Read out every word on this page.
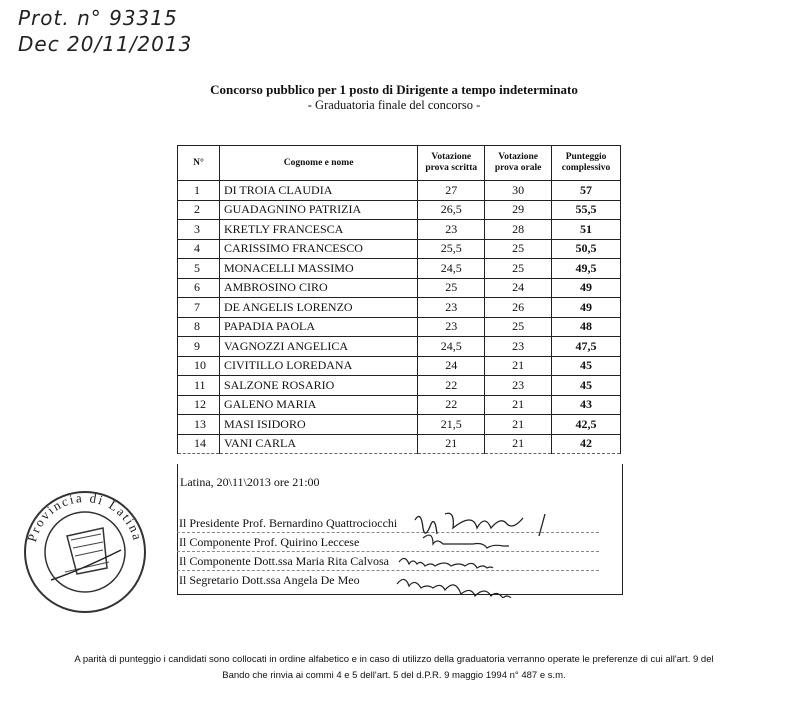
Prot. n° 93315
Dec 20/11/2013
Concorso pubblico per 1 posto di Dirigente a tempo indeterminato
- Graduatoria finale del concorso -
N°	Cognome e nome	Votazione prova scritta	Votazione prova orale	Punteggio complessivo
1	DI TROIA CLAUDIA	27	30	57
2	GUADAGNINO PATRIZIA	26,5	29	55,5
3	KRETLY FRANCESCA	23	28	51
4	CARISSIMO FRANCESCO	25,5	25	50,5
5	MONACELLI MASSIMO	24,5	25	49,5
6	AMBROSINO CIRO	25	24	49
7	DE ANGELIS LORENZO	23	26	49
8	PAPADIA PAOLA	23	25	48
9	VAGNOZZI ANGELICA	24,5	23	47,5
10	CIVITILLO LOREDANA	24	21	45
11	SALZONE ROSARIO	22	23	45
12	GALENO MARIA	22	21	43
13	MASI ISIDORO	21,5	21	42,5
14	VANI CARLA	21	21	42
Latina, 20\11\2013 ore 21:00
Il Presidente Prof. Bernardino Quattrociocchi
Il Componente Prof. Quirino Leccese
Il Componente Dott.ssa Maria Rita Calvosa
Il Segretario Dott.ssa Angela De Meo
Provincia di Latina
A parità di punteggio i candidati sono collocati in ordine alfabetico e in caso di utilizzo della graduatoria verranno operate le preferenze di cui all'art. 9 del
Bando che rinvia ai commi 4 e 5 dell'art. 5 del d.P.R. 9 maggio 1994 n° 487 e s.m.
